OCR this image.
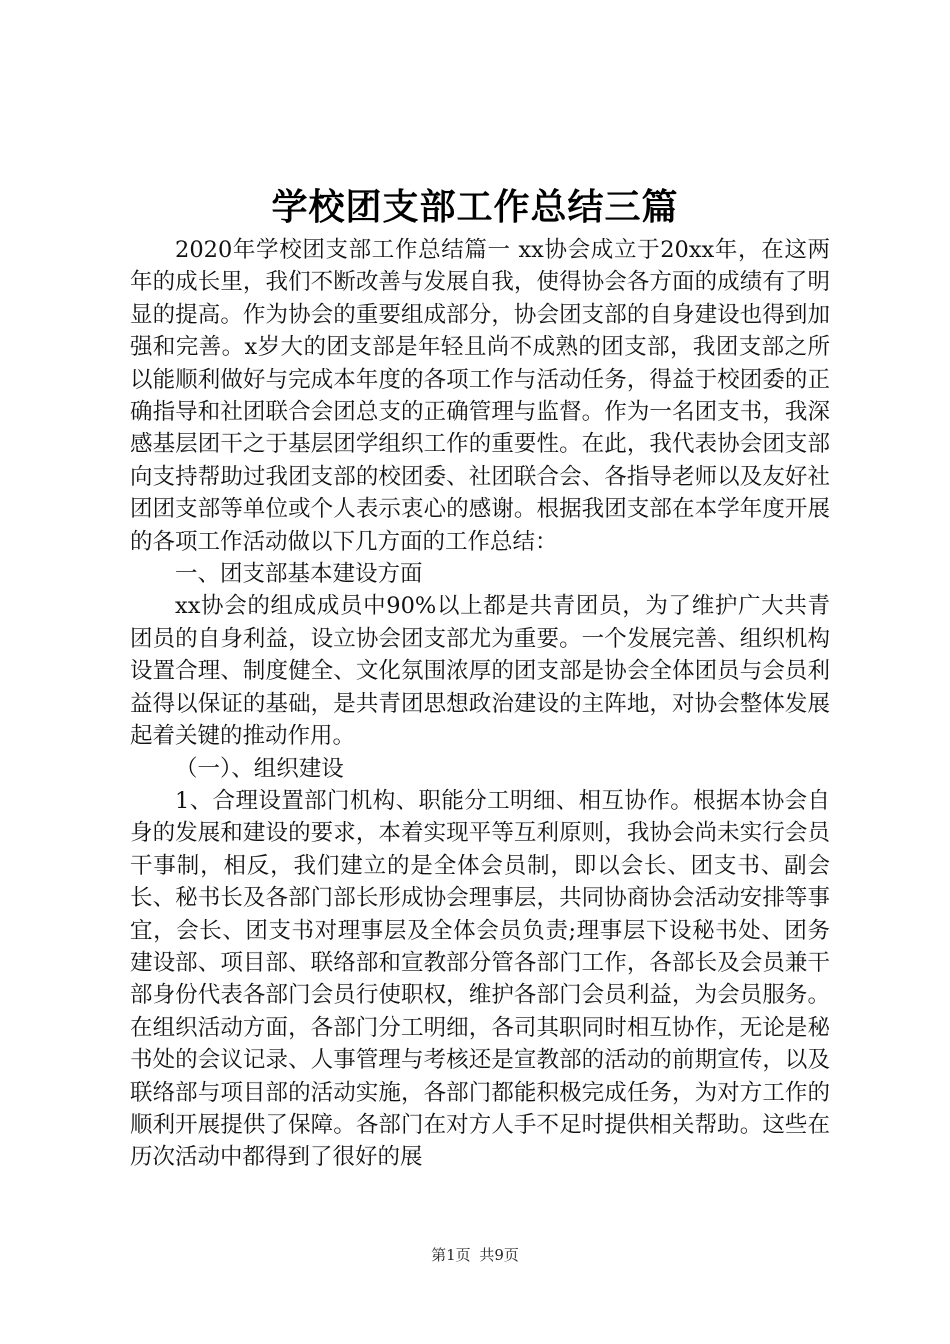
学校团支部工作总结三篇

2020年学校团支部工作总结篇一 xx协会成立于20xx年，在这两年的成长里，我们不断改善与发展自我，使得协会各方面的成绩有了明显的提高。作为协会的重要组成部分，协会团支部的自身建设也得到加强和完善。x岁大的团支部是年轻且尚不成熟的团支部，我团支部之所以能顺利做好与完成本年度的各项工作与活动任务，得益于校团委的正确指导和社团联合会团总支的正确管理与监督。作为一名团支书，我深感基层团干之于基层团学组织工作的重要性。在此，我代表协会团支部向支持帮助过我团支部的校团委、社团联合会、各指导老师以及友好社团团支部等单位或个人表示衷心的感谢。根据我团支部在本学年度开展的各项工作活动做以下几方面的工作总结：

一、团支部基本建设方面

xx协会的组成成员中90%以上都是共青团员，为了维护广大共青团员的自身利益，设立协会团支部尤为重要。一个发展完善、组织机构设置合理、制度健全、文化氛围浓厚的团支部是协会全体团员与会员利益得以保证的基础，是共青团思想政治建设的主阵地，对协会整体发展起着关键的推动作用。

（一）、组织建设

1、合理设置部门机构、职能分工明细、相互协作。根据本协会自身的发展和建设的要求，本着实现平等互利原则，我协会尚未实行会员干事制，相反，我们建立的是全体会员制，即以会长、团支书、副会长、秘书长及各部门部长形成协会理事层，共同协商协会活动安排等事宜，会长、团支书对理事层及全体会员负责;理事层下设秘书处、团务建设部、项目部、联络部和宣教部分管各部门工作，各部长及会员兼干部身份代表各部门会员行使职权，维护各部门会员利益，为会员服务。在组织活动方面，各部门分工明细，各司其职同时相互协作，无论是秘书处的会议记录、人事管理与考核还是宣教部的活动的前期宣传，以及联络部与项目部的活动实施，各部门都能积极完成任务，为对方工作的顺利开展提供了保障。各部门在对方人手不足时提供相关帮助。这些在历次活动中都得到了很好的展

第1页 共9页
